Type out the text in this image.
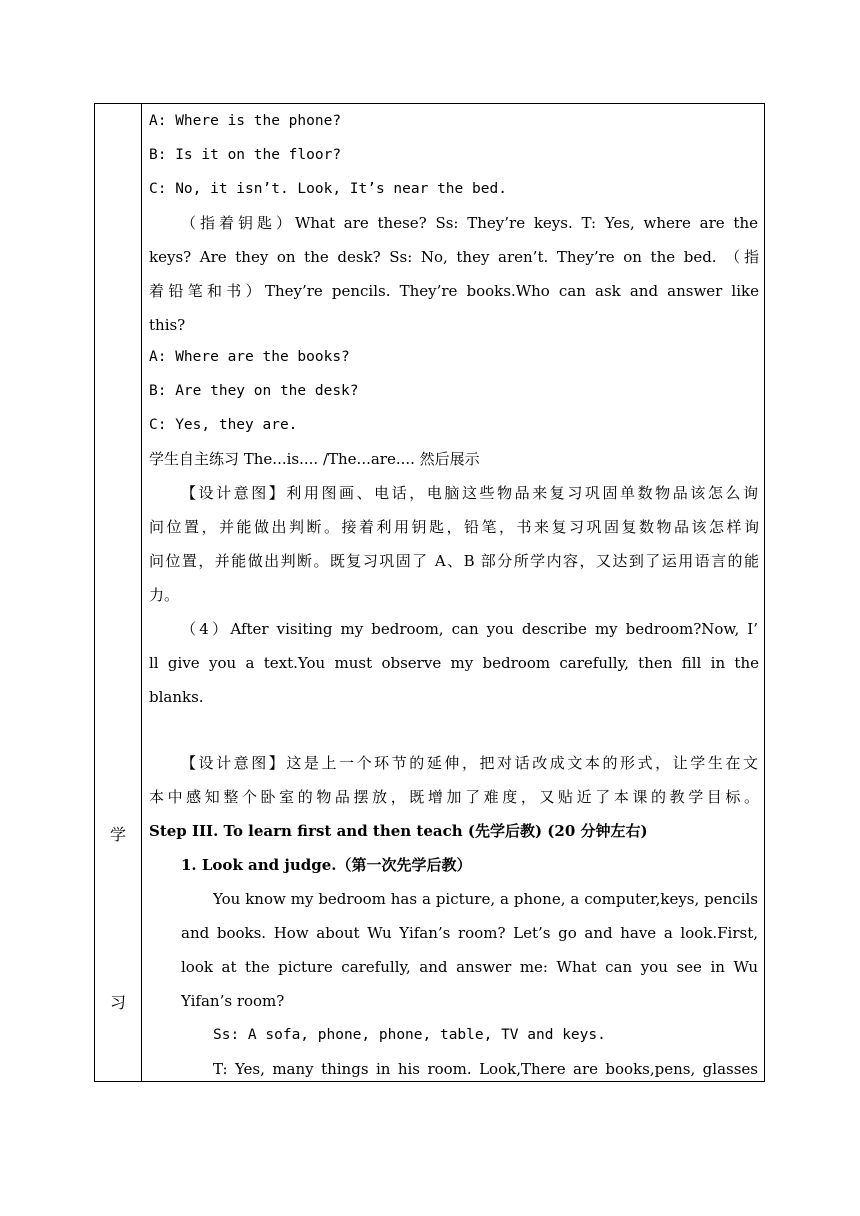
学
习
A: Where is the phone?
B: Is it on the floor?
C: No, it isn’t. Look, It’s near the bed.
（指着钥匙）What are these? Ss: They’re keys. T: Yes, where are the
keys? Are they on the desk? Ss: No, they aren’t. They’re on the bed. （指
着铅笔和书）They’re pencils. They’re books.Who can ask and answer like
this?
A: Where are the books?
B: Are they on the desk?
C: Yes, they are.
学生自主练习 The...is.... /The...are.... 然后展示
【设计意图】利用图画、电话，电脑这些物品来复习巩固单数物品该怎么询
问位置，并能做出判断。接着利用钥匙，铅笔，书来复习巩固复数物品该怎样询
问位置，并能做出判断。既复习巩固了 A、B 部分所学内容，又达到了运用语言的能
力。
（4）After visiting my bedroom, can you describe my bedroom?Now, I’
ll give you a text.You must observe my bedroom carefully, then fill in the
blanks.
【设计意图】这是上一个环节的延伸，把对话改成文本的形式，让学生在文
本中感知整个卧室的物品摆放，既增加了难度，又贴近了本课的教学目标。
Step III. To learn first and then teach (先学后教) (20 分钟左右)
1. Look and judge.（第一次先学后教）
You know my bedroom has a picture, a phone, a computer,keys, pencils
and books. How about Wu Yifan’s room? Let’s go and have a look.First,
look at the picture carefully, and answer me: What can you see in Wu
Yifan’s room?
Ss: A sofa, phone, phone, table, TV and keys.
T: Yes, many things in his room. Look,There are books,pens, glasses
